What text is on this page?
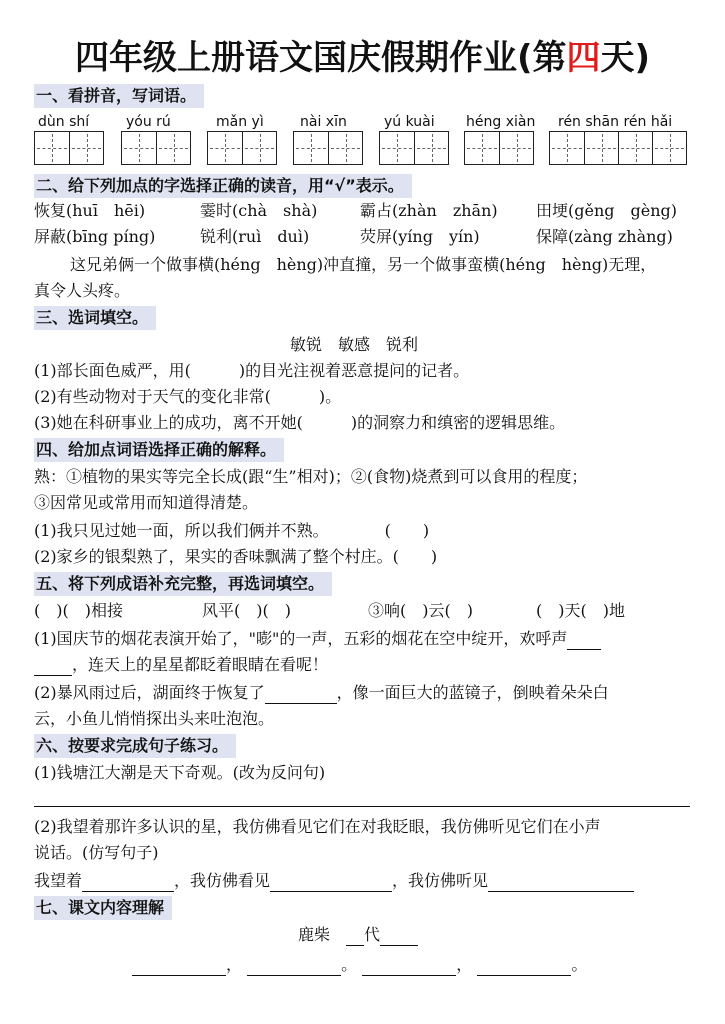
四年级上册语文国庆假期作业(第四天)
一、看拼音，写词语。
dùn shí	yóu rú	mǎn yì	nài xīn	yú kuài héng xiàn rén shān rén hǎi
二、给下列加点的字选择正确的读音，用“√”表示。
恢复(huī　hēi)	霎时(chà　shà)	霸占(zhàn　zhān) 田埂(gěng　gèng)
屏蔽(bīng píng)	锐利(ruì　duì)	荧屏(yíng　yín)	保障(zàng zhàng)
这兄弟俩一个做事横(héng　hèng)冲直撞，另一个做事蛮横(héng　hèng)无理，
真令人头疼。
三、选词填空。
敏锐　敏感　锐利
(1)部长面色威严，用(　　　)的目光注视着恶意提问的记者。
(2)有些动物对于天气的变化非常(　　　)。
(3)她在科研事业上的成功，离不开她(　　　)的洞察力和缜密的逻辑思维。
四、给加点词语选择正确的解释。
熟：①植物的果实等完全长成(跟“生”相对)；②(食物)烧煮到可以食用的程度；
③因常见或常用而知道得清楚。
(1)我只见过她一面，所以我们俩并不熟。　　　　(　　)
(2)家乡的银梨熟了，果实的香味飘满了整个村庄。(　　)
五、将下列成语补充完整，再选词填空。
(　)(　)相接	风平(　)(　)	③响(　)云(　)	(　)天(　)地
(1)国庆节的烟花表演开始了，"嘭"的一声，五彩的烟花在空中绽开，欢呼声
，连天上的星星都眨着眼睛在看呢！
(2)暴风雨过后，湖面终于恢复了	，像一面巨大的蓝镜子，倒映着朵朵白
云，小鱼儿悄悄探出头来吐泡泡。
六、按要求完成句子练习。
(1)钱塘江大潮是天下奇观。(改为反问句)
(2)我望着那许多认识的星，我仿佛看见它们在对我眨眼，我仿佛听见它们在小声
说话。(仿写句子)
我望着	，我仿佛看见	，我仿佛听见
七、课文内容理解
鹿柴　 代
，	。	，	。
